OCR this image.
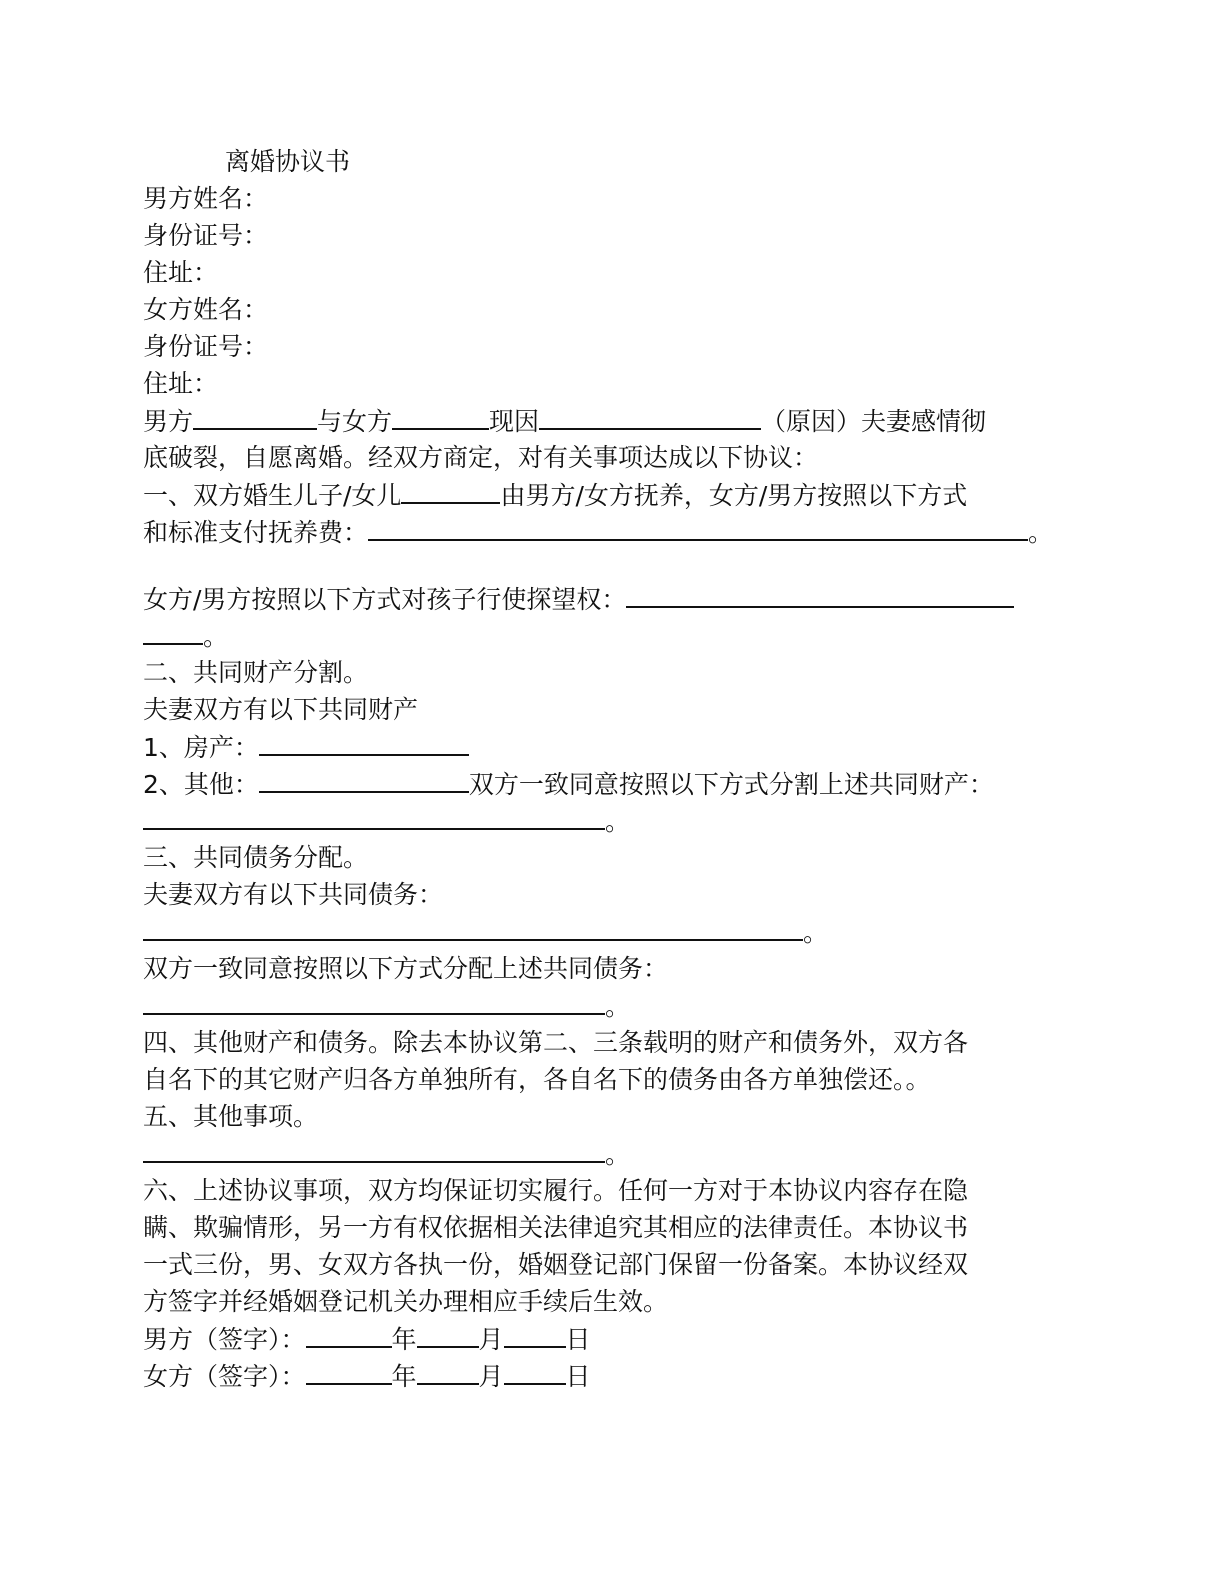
离婚协议书
男方姓名：
身份证号：
住址：
女方姓名：
身份证号：
住址：
男方	与女方	现因	（原因）夫妻感情彻
底破裂，自愿离婚。经双方商定，对有关事项达成以下协议：
一、双方婚生儿子/女儿	由男方/女方抚养，女方/男方按照以下方式
和标准支付抚养费：	。
女方/男方按照以下方式对孩子行使探望权：
。
二、共同财产分割。
夫妻双方有以下共同财产
1、房产：
2、其他：	双方一致同意按照以下方式分割上述共同财产：
。
三、共同债务分配。
夫妻双方有以下共同债务：
。
双方一致同意按照以下方式分配上述共同债务：
。
四、其他财产和债务。除去本协议第二、三条载明的财产和债务外，双方各
自名下的其它财产归各方单独所有，各自名下的债务由各方单独偿还。。
五、其他事项。
。
六、上述协议事项，双方均保证切实履行。任何一方对于本协议内容存在隐
瞒、欺骗情形，另一方有权依据相关法律追究其相应的法律责任。本协议书
一式三份，男、女双方各执一份，婚姻登记部门保留一份备案。本协议经双
方签字并经婚姻登记机关办理相应手续后生效。
男方（签字）：	年 月 日
女方（签字）：	年 月 日
